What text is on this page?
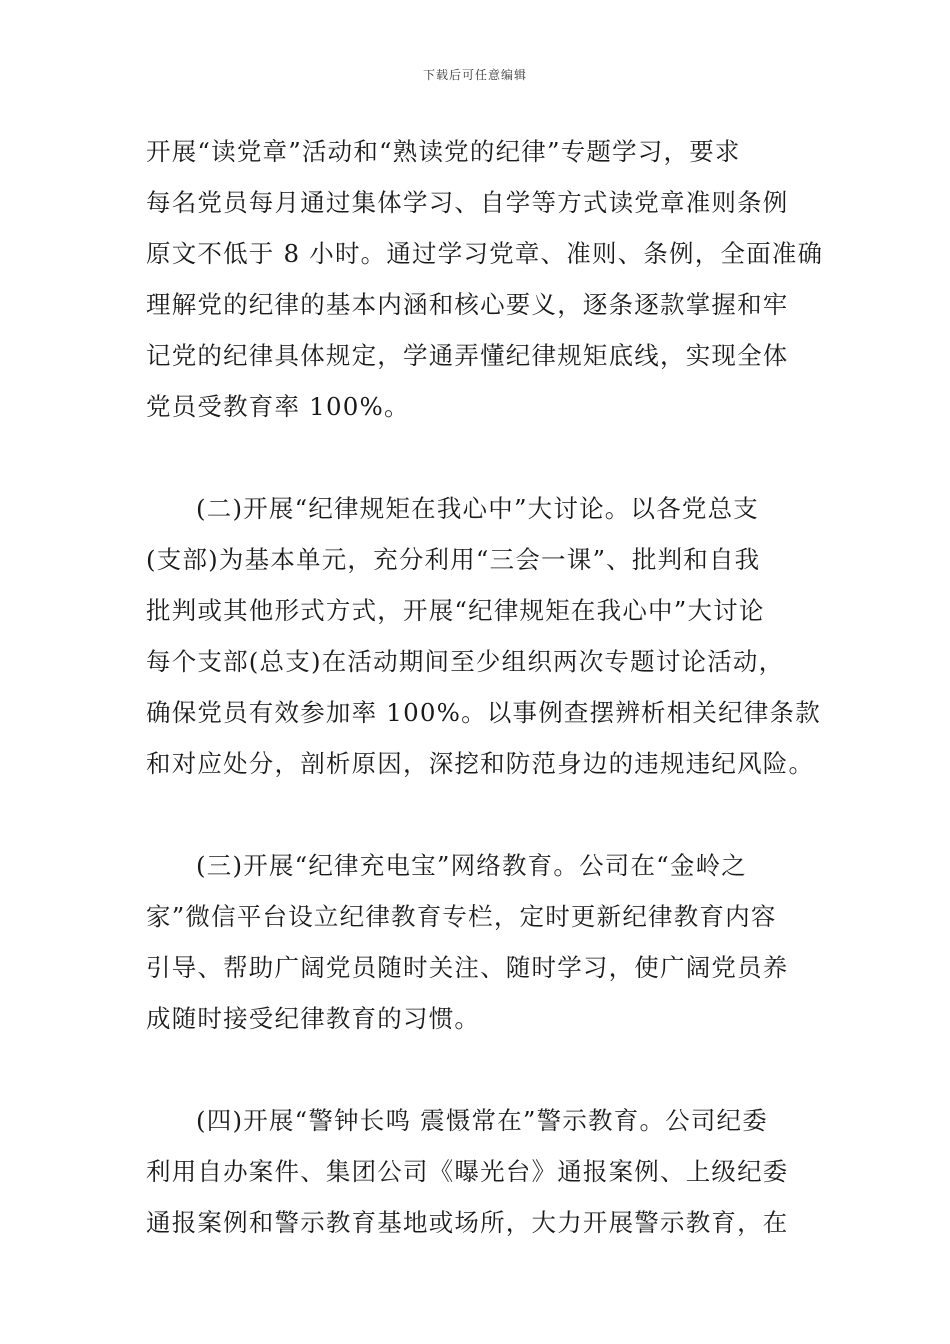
下载后可任意编辑
开展“读党章”活动和“熟读党的纪律”专题学习，要求
每名党员每月通过集体学习、自学等方式读党章准则条例
原文不低于 8 小时。通过学习党章、准则、条例，全面准确
理解党的纪律的基本内涵和核心要义，逐条逐款掌握和牢
记党的纪律具体规定，学通弄懂纪律规矩底线，实现全体
党员受教育率 100%。
(二)开展“纪律规矩在我心中”大讨论。以各党总支
(支部)为基本单元，充分利用“三会一课”、批判和自我
批判或其他形式方式，开展“纪律规矩在我心中”大讨论
每个支部(总支)在活动期间至少组织两次专题讨论活动，
确保党员有效参加率 100%。以事例查摆辨析相关纪律条款
和对应处分，剖析原因，深挖和防范身边的违规违纪风险。
(三)开展“纪律充电宝”网络教育。公司在“金岭之
家”微信平台设立纪律教育专栏，定时更新纪律教育内容
引导、帮助广阔党员随时关注、随时学习，使广阔党员养
成随时接受纪律教育的习惯。
(四)开展“警钟长鸣 震慑常在”警示教育。公司纪委
利用自办案件、集团公司《曝光台》通报案例、上级纪委
通报案例和警示教育基地或场所，大力开展警示教育，在
